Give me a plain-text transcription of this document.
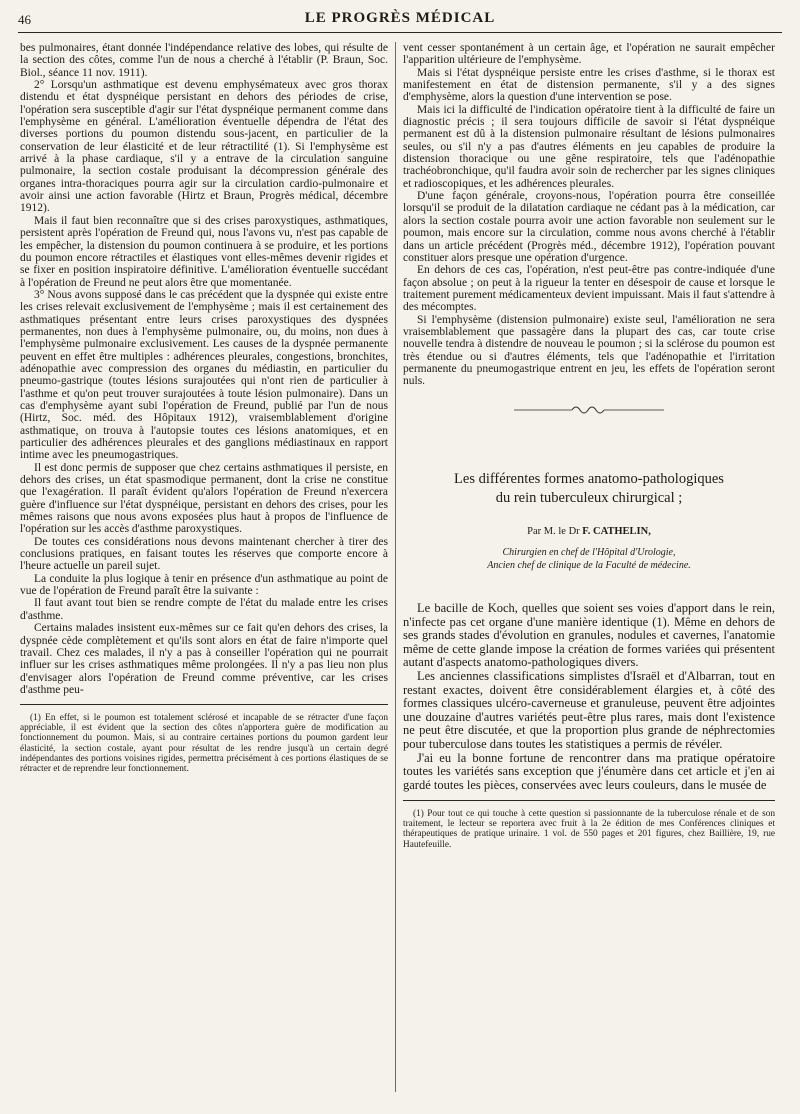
46	LE PROGRÈS MÉDICAL

bes pulmonaires, étant donnée l'indépendance relative des lobes, qui résulte de la section des côtes, comme l'un de nous a cherché à l'établir (P. Braun, Soc. Biol., séance 11 nov. 1911).

2° Lorsqu'un asthmatique est devenu emphysémateux avec gros thorax distendu et état dyspnéique persistant en dehors des périodes de crise, l'opération sera susceptible d'agir sur l'état dyspnéique permanent comme dans l'emphysème en général. L'amélioration éventuelle dépendra de l'état des diverses portions du poumon distendu sous-jacent, en particulier de la conservation de leur élasticité et de leur rétractilité (1). Si l'emphysème est arrivé à la phase cardiaque, s'il y a entrave de la circulation sanguine pulmonaire, la section costale produisant la décompression générale des organes intra-thoraciques pourra agir sur la circulation cardio-pulmonaire et avoir ainsi une action favorable (Hirtz et Braun, Progrès médical, décembre 1912).

Mais il faut bien reconnaître que si des crises paroxystiques, asthmatiques, persistent après l'opération de Freund qui, nous l'avons vu, n'est pas capable de les empêcher, la distension du poumon continuera à se produire, et les portions du poumon encore rétractiles et élastiques vont elles-mêmes devenir rigides et se fixer en position inspiratoire définitive. L'amélioration éventuelle succédant à l'opération de Freund ne peut alors être que momentanée.

3° Nous avons supposé dans le cas précédent que la dyspnée qui existe entre les crises relevait exclusivement de l'emphysème ; mais il est certainement des asthmatiques présentant entre leurs crises paroxystiques des dyspnées permanentes, non dues à l'emphysème pulmonaire, ou, du moins, non dues à l'emphysème pulmonaire exclusivement. Les causes de la dyspnée permanente peuvent en effet être multiples : adhérences pleurales, congestions, bronchites, adénopathie avec compression des organes du médiastin, en particulier du pneumo-gastrique (toutes lésions surajoutées qui n'ont rien de particulier à l'asthme et qu'on peut trouver surajoutées à toute lésion pulmonaire). Dans un cas d'emphysème ayant subi l'opération de Freund, publié par l'un de nous (Hirtz, Soc. méd. des Hôpitaux 1912), vraisemblablement d'origine asthmatique, on trouva à l'autopsie toutes ces lésions anatomiques, et en particulier des adhérences pleurales et des ganglions médiastinaux en rapport intime avec les pneumogastriques.

Il est donc permis de supposer que chez certains asthmatiques il persiste, en dehors des crises, un état spasmodique permanent, dont la crise ne constitue que l'exagération. Il paraît évident qu'alors l'opération de Freund n'exercera guère d'influence sur l'état dyspnéique, persistant en dehors des crises, pour les mêmes raisons que nous avons exposées plus haut à propos de l'influence de l'opération sur les accès d'asthme paroxystiques.

De toutes ces considérations nous devons maintenant chercher à tirer des conclusions pratiques, en faisant toutes les réserves que comporte encore à l'heure actuelle un pareil sujet.

La conduite la plus logique à tenir en présence d'un asthmatique au point de vue de l'opération de Freund paraît être la suivante :

Il faut avant tout bien se rendre compte de l'état du malade entre les crises d'asthme.

Certains malades insistent eux-mêmes sur ce fait qu'en dehors des crises, la dyspnée cède complètement et qu'ils sont alors en état de faire n'importe quel travail. Chez ces malades, il n'y a pas à conseiller l'opération qui ne pourrait influer sur les crises asthmatiques même prolongées. Il n'y a pas lieu non plus d'envisager alors l'opération de Freund comme préventive, car les crises d'asthme peu-

(1) En effet, si le poumon est totalement sclérosé et incapable de se rétracter d'une façon appréciable, il est évident que la section des côtes n'apportera guère de modification au fonctionnement du poumon. Mais, si au contraire certaines portions du poumon gardent leur élasticité, la section costale, ayant pour résultat de les rendre jusqu'à un certain degré indépendantes des portions voisines rigides, permettra précisément à ces portions élastiques de se rétracter et de reprendre leur fonctionnement.

vent cesser spontanément à un certain âge, et l'opération ne saurait empêcher l'apparition ultérieure de l'emphysème.

Mais si l'état dyspnéique persiste entre les crises d'asthme, si le thorax est manifestement en état de distension permanente, s'il y a des signes d'emphysème, alors la question d'une intervention se pose.

Mais ici la difficulté de l'indication opératoire tient à la difficulté de faire un diagnostic précis ; il sera toujours difficile de savoir si l'état dyspnéique permanent est dû à la distension pulmonaire résultant de lésions pulmonaires seules, ou s'il n'y a pas d'autres éléments en jeu capables de produire la distension thoracique ou une gêne respiratoire, tels que l'adénopathie trachéobronchique, qu'il faudra avoir soin de rechercher par les signes cliniques et radioscopiques, et les adhérences pleurales.

D'une façon générale, croyons-nous, l'opération pourra être conseillée lorsqu'il se produit de la dilatation cardiaque ne cédant pas à la médication, car alors la section costale pourra avoir une action favorable non seulement sur le poumon, mais encore sur la circulation, comme nous avons cherché à l'établir dans un article précédent (Progrès méd., décembre 1912), l'opération pouvant constituer alors presque une opération d'urgence.

En dehors de ces cas, l'opération, n'est peut-être pas contre-indiquée d'une façon absolue ; on peut à la rigueur la tenter en désespoir de cause et lorsque le traitement purement médicamenteux devient impuissant. Mais il faut s'attendre à des mécomptes.

Si l'emphysème (distension pulmonaire) existe seul, l'amélioration ne sera vraisemblablement que passagère dans la plupart des cas, car toute crise nouvelle tendra à distendre de nouveau le poumon ; si la sclérose du poumon est très étendue ou si d'autres éléments, tels que l'adénopathie et l'irritation permanente du pneumogastrique entrent en jeu, les effets de l'opération seront nuls.

Les différentes formes anatomo-pathologiques
du rein tuberculeux chirurgical ;
Par M. le Dr F. CATHELIN,
Chirurgien en chef de l'Hôpital d'Urologie,
Ancien chef de clinique de la Faculté de médecine.

Le bacille de Koch, quelles que soient ses voies d'apport dans le rein, n'infecte pas cet organe d'une manière identique (1). Même en dehors de ses grands stades d'évolution en granules, nodules et cavernes, l'anatomie même de cette glande impose la création de formes variées qui présentent autant d'aspects anatomo-pathologiques divers.

Les anciennes classifications simplistes d'Israël et d'Albarran, tout en restant exactes, doivent être considérablement élargies et, à côté des formes classiques ulcéro-caverneuse et granuleuse, peuvent être adjointes une douzaine d'autres variétés peut-être plus rares, mais dont l'existence ne peut être discutée, et que la proportion plus grande de néphrectomies pour tuberculose dans toutes les statistiques a permis de révéler.

J'ai eu la bonne fortune de rencontrer dans ma pratique opératoire toutes les variétés sans exception que j'énumère dans cet article et j'en ai gardé toutes les pièces, conservées avec leurs couleurs, dans le musée de

(1) Pour tout ce qui touche à cette question si passionnante de la tuberculose rénale et de son traitement, le lecteur se reportera avec fruit à la 2e édition de mes Conférences cliniques et thérapeutiques de pratique urinaire. 1 vol. de 550 pages et 201 figures, chez Baillière, 19, rue Hautefeuille.
